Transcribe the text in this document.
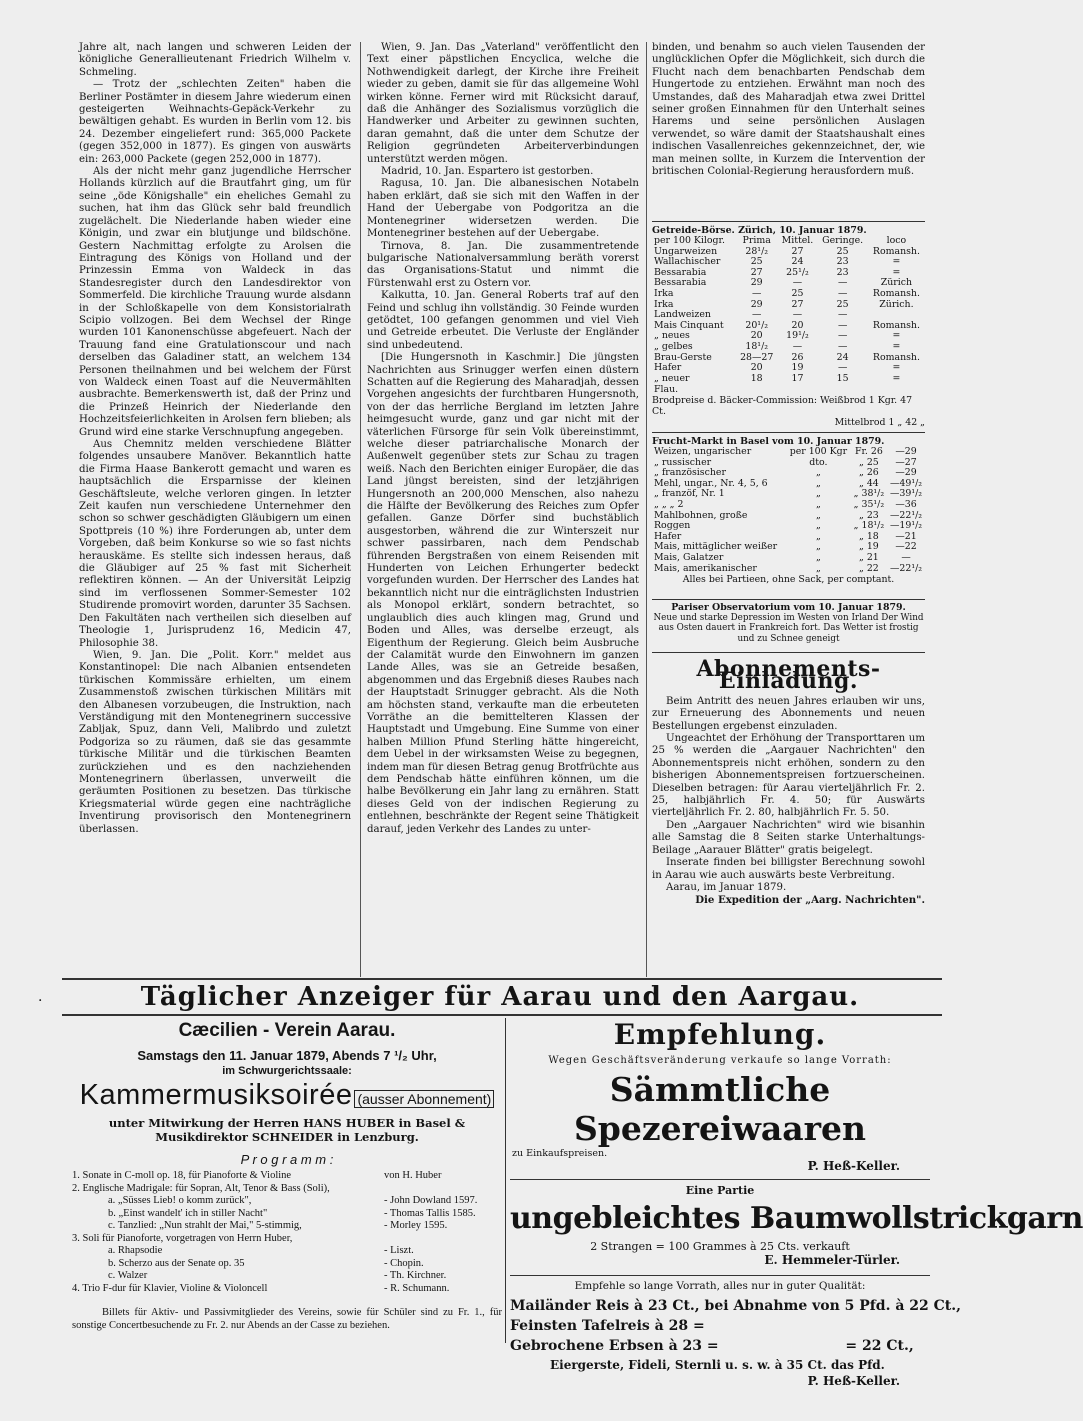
Jahre alt, nach langen und schweren Leiden der königliche Generallieutenant Friedrich Wilhelm v. Schmeling.

— Trotz der „schlechten Zeiten" haben die Berliner Postämter in diesem Jahre wiederum einen gesteigerten Weihnachts-Gepäck-Verkehr zu bewältigen gehabt. Es wurden in Berlin vom 12. bis 24. Dezember eingeliefert rund: 365,000 Packete (gegen 352,000 in 1877). Es gingen von auswärts ein: 263,000 Packete (gegen 252,000 in 1877).

Als der nicht mehr ganz jugendliche Herrscher Hollands kürzlich auf die Brautfahrt ging, um für seine „öde Königshalle" ein eheliches Gemahl zu suchen, hat ihm das Glück sehr bald freundlich zugelächelt. Die Niederlande haben wieder eine Königin, und zwar ein blutjunge und bildschöne. Gestern Nachmittag erfolgte zu Arolsen die Eintragung des Königs von Holland und der Prinzessin Emma von Waldeck in das Standesregister durch den Landesdirektor von Sommerfeld. Die kirchliche Trauung wurde alsdann in der Schloßkapelle von dem Konsistorialrath Scipio vollzogen. Bei dem Wechsel der Ringe wurden 101 Kanonenschüsse abgefeuert. Nach der Trauung fand eine Gratulationscour und nach derselben das Galadiner statt, an welchem 134 Personen theilnahmen und bei welchem der Fürst von Waldeck einen Toast auf die Neuvermählten ausbrachte. Bemerkenswerth ist, daß der Prinz und die Prinzeß Heinrich der Niederlande den Hochzeitsfeierlichkeiten in Arolsen fern blieben; als Grund wird eine starke Verschnupfung angegeben.

Aus Chemnitz melden verschiedene Blätter folgendes unsaubere Manöver. Bekanntlich hatte die Firma Haase Bankerott gemacht und waren es hauptsächlich die Ersparnisse der kleinen Geschäftsleute, welche verloren gingen. In letzter Zeit kaufen nun verschiedene Unternehmer den schon so schwer geschädigten Gläubigern um einen Spottpreis (10 %) ihre Forderungen ab, unter dem Vorgeben, daß beim Konkurse so wie so fast nichts herauskäme. Es stellte sich indessen heraus, daß die Gläubiger auf 25 % fast mit Sicherheit reflektiren können. — An der Universität Leipzig sind im verflossenen Sommer-Semester 102 Studirende promovirt worden, darunter 35 Sachsen. Den Fakultäten nach vertheilen sich dieselben auf Theologie 1, Jurisprudenz 16, Medicin 47, Philosophie 38.

Wien, 9. Jan. Die „Polit. Korr." meldet aus Konstantinopel: Die nach Albanien entsendeten türkischen Kommissäre erhielten, um einem Zusammenstoß zwischen türkischen Militärs mit den Albanesen vorzubeugen, die Instruktion, nach Verständigung mit den Montenegrinern successive Zabljak, Spuz, dann Veli, Malibrdo und zuletzt Podgoriza so zu räumen, daß sie das gesammte türkische Militär und die türkischen Beamten zurückziehen und es den nachziehenden Montenegrinern überlassen, unverweilt die geräumten Positionen zu besetzen. Das türkische Kriegsmaterial würde gegen eine nachträgliche Inventirung provisorisch den Montenegrinern überlassen.

Wien, 9. Jan. Das „Vaterland" veröffentlicht den Text einer päpstlichen Encyclica, welche die Nothwendigkeit darlegt, der Kirche ihre Freiheit wieder zu geben, damit sie für das allgemeine Wohl wirken könne. Ferner wird mit Rücksicht darauf, daß die Anhänger des Sozialismus vorzüglich die Handwerker und Arbeiter zu gewinnen suchten, daran gemahnt, daß die unter dem Schutze der Religion gegründeten Arbeiterverbindungen unterstützt werden mögen.

Madrid, 10. Jan. Espartero ist gestorben.

Ragusa, 10. Jan. Die albanesischen Notabeln haben erklärt, daß sie sich mit den Waffen in der Hand der Uebergabe von Podgoritza an die Montenegriner widersetzen werden. Die Montenegriner bestehen auf der Uebergabe.

Tirnova, 8. Jan. Die zusammentretende bulgarische Nationalversammlung beräth vorerst das Organisations-Statut und nimmt die Fürstenwahl erst zu Ostern vor.

Kalkutta, 10. Jan. General Roberts traf auf den Feind und schlug ihn vollständig. 30 Feinde wurden getödtet, 100 gefangen genommen und viel Vieh und Getreide erbeutet. Die Verluste der Engländer sind unbedeutend.

[Die Hungersnoth in Kaschmir.] Die jüngsten Nachrichten aus Srinugger werfen einen düstern Schatten auf die Regierung des Maharadjah, dessen Vorgehen angesichts der furchtbaren Hungersnoth, von der das herrliche Bergland im letzten Jahre heimgesucht wurde, ganz und gar nicht mit der väterlichen Fürsorge für sein Volk übereinstimmt, welche dieser patriarchalische Monarch der Außenwelt gegenüber stets zur Schau zu tragen weiß. Nach den Berichten einiger Europäer, die das Land jüngst bereisten, sind der letzjährigen Hungersnoth an 200,000 Menschen, also nahezu die Hälfte der Bevölkerung des Reiches zum Opfer gefallen. Ganze Dörfer sind buchstäblich ausgestorben, während die zur Winterszeit nur schwer passirbaren, nach dem Pendschab führenden Bergstraßen von einem Reisenden mit Hunderten von Leichen Erhungerter bedeckt vorgefunden wurden. Der Herrscher des Landes hat bekanntlich nicht nur die einträglichsten Industrien als Monopol erklärt, sondern betrachtet, so unglaublich dies auch klingen mag, Grund und Boden und Alles, was derselbe erzeugt, als Eigenthum der Regierung. Gleich beim Ausbruche der Calamität wurde den Einwohnern im ganzen Lande Alles, was sie an Getreide besaßen, abgenommen und das Ergebniß dieses Raubes nach der Hauptstadt Srinugger gebracht. Als die Noth am höchsten stand, verkaufte man die erbeuteten Vorräthe an die bemittelteren Klassen der Hauptstadt und Umgebung. Eine Summe von einer halben Million Pfund Sterling hätte hingereicht, dem Uebel in der wirksamsten Weise zu begegnen, indem man für diesen Betrag genug Brotfrüchte aus dem Pendschab hätte einführen können, um die halbe Bevölkerung ein Jahr lang zu ernähren. Statt dieses Geld von der indischen Regierung zu entlehnen, beschränkte der Regent seine Thätigkeit darauf, jeden Verkehr des Landes zu unter-

binden, und benahm so auch vielen Tausenden der unglücklichen Opfer die Möglichkeit, sich durch die Flucht nach dem benachbarten Pendschab dem Hungertode zu entziehen. Erwähnt man noch des Umstandes, daß des Maharadjah etwa zwei Drittel seiner großen Einnahmen für den Unterhalt seines Harems und seine persönlichen Auslagen verwendet, so wäre damit der Staatshaushalt eines indischen Vasallenreiches gekennzeichnet, der, wie man meinen sollte, in Kurzem die Intervention der britischen Colonial-Regierung herausfordern muß.

Getreide-Börse. Zürich, 10. Januar 1879.
per 100 Kilogr.	Prima	Mittel.	Geringe.	loco
Ungarweizen	28¹/₂	27	25	Romansh.
Wallachischer	25	24	23	=
Bessarabia	27	25¹/₂	23	=
Bessarabia	29	—	—	Zürich
Irka	—	25	—	Romansh.
Irka	29	27	25	Zürich.
Landweizen	—	—	—	
Mais Cinquant	20¹/₂	20	—	Romansh.
„ neues	20	19¹/₂	—	=
„ gelbes	18¹/₂	—	—	=
Brau-Gerste	28—27	26	24	Romansh.
Hafer	20	19	—	=
„ neuer	18	17	15	=
Flau.
Brodpreise d. Bäcker-Commission: Weißbrod 1 Kgr. 47 Ct.
Mittelbrod 1 „ 42 „
Frucht-Markt in Basel vom 10. Januar 1879.
Weizen, ungarischer	per 100 Kgr	Fr. 26	—29
„ russischer	dto.	„ 25	—27
„ französischer	„	„ 26	—29
Mehl, ungar., Nr. 4, 5, 6	„	„ 44	—49¹/₂
„ franzöf, Nr. 1	„	„ 38¹/₂	—39¹/₂
„ „ „ 2	„	„ 35¹/₂	—36
Mahlbohnen, große	„	„ 23	—22¹/₂
Roggen	„	„ 18¹/₂	—19¹/₂
Hafer	„	„ 18	—21
Mais, mittäglicher weißer	„	„ 19	—22
Mais, Galatzer	„	„ 21	—
Mais, amerikanischer	„	„ 22	—22¹/₂
Alles bei Partieen, ohne Sack, per comptant.
Pariser Observatorium vom 10. Januar 1879.
Neue und starke Depression im Westen von Irland Der Wind aus Osten dauert in Frankreich fort. Das Wetter ist frostig und zu Schnee geneigt
Abonnements-Einladung.

Beim Antritt des neuen Jahres erlauben wir uns, zur Erneuerung des Abonnements und neuen Bestellungen ergebenst einzuladen.

Ungeachtet der Erhöhung der Transporttaren um 25 % werden die „Aargauer Nachrichten" den Abonnementspreis nicht erhöhen, sondern zu den bisherigen Abonnementspreisen fortzuerscheinen. Dieselben betragen: für Aarau vierteljährlich Fr. 2. 25, halbjährlich Fr. 4. 50; für Auswärts vierteljährlich Fr. 2. 80, halbjährlich Fr. 5. 50.

Den „Aargauer Nachrichten" wird wie bisanhin alle Samstag die 8 Seiten starke Unterhaltungs-Beilage „Aarauer Blätter" gratis beigelegt.

Inserate finden bei billigster Berechnung sowohl in Aarau wie auch auswärts beste Verbreitung.

Aarau, im Januar 1879.

Die Expedition der „Aarg. Nachrichten".

·	Täglicher Anzeiger für Aarau und den Aargau.
Cæcilien - Verein Aarau.
Samstags den 11. Januar 1879, Abends 7 ¹/₂ Uhr,
im Schwurgerichtssaale:
Kammermusiksoirée (ausser Abonnement)
unter Mitwirkung der Herren HANS HUBER in Basel &
Musikdirektor SCHNEIDER in Lenzburg.
P r o g r a m m :
1. Sonate in C-moll op. 18, für Pianoforte & Violine	von H. Huber
2. Englische Madrigale: für Sopran, Alt, Tenor & Bass (Soli),
a. „Süsses Lieb! o komm zurück",	- John Dowland 1597.
b. „Einst wandelt' ich in stiller Nacht"	- Thomas Tallis 1585.
c. Tanzlied: „Nun strahlt der Mai," 5-stimmig,	- Morley 1595.
3. Soli für Pianoforte, vorgetragen von Herrn Huber,
a. Rhapsodie	- Liszt.
b. Scherzo aus der Senate op. 35	- Chopin.
c. Walzer	- Th. Kirchner.
4. Trio F-dur für Klavier, Violine & Violoncell	- R. Schumann.
Billets für Aktiv- und Passivmitglieder des Vereins, sowie für Schüler sind zu Fr. 1., für sonstige Concertbesuchende zu Fr. 2. nur Abends an der Casse zu beziehen.
Empfehlung.
Wegen Geschäftsveränderung verkaufe so lange Vorrath:
Sämmtliche Spezereiwaaren
zu Einkaufspreisen.
P. Heß-Keller.
Eine Partie
ungebleichtes Baumwollstrickgarn
2 Strangen = 100 Grammes à 25 Cts. verkauft
E. Hemmeler-Türler.
Empfehle so lange Vorrath, alles nur in guter Qualität:
Mailänder Reis à 23 Ct., bei Abnahme von 5 Pfd. à 22 Ct.,
Feinsten Tafelreis à 28 =
Gebrochene Erbsen à 23 =                          = 22 Ct.,
Eiergerste, Fideli, Sternli u. s. w. à 35 Ct. das Pfd.
P. Heß-Keller.
